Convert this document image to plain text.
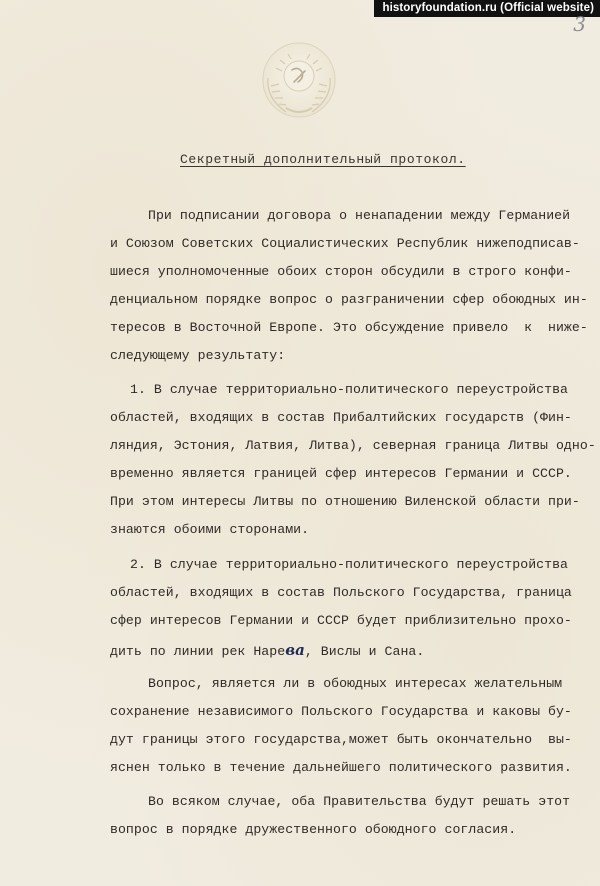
historyfoundation.ru (Official website)
3
Секретный дополнительный протокол.
При подписании договора о ненападении между Германией
и Союзом Советских Социалистических Республик нижеподписав-
шиеся уполномоченные обоих сторон обсудили в строго конфи-
денциальном порядке вопрос о разграничении сфер обоюдных ин-
тересов в Восточной Европе. Это обсуждение привело  к  ниже-
следующему результату:
1. В случае территориально-политического переустройства
областей, входящих в состав Прибалтийских государств (Фин-
ляндия, Эстония, Латвия, Литва), северная граница Литвы одно-
временно является границей сфер интересов Германии и СССР.
При этом интересы Литвы по отношению Виленской области при-
знаются обоими сторонами.
2. В случае территориально-политического переустройства
областей, входящих в состав Польского Государства, граница
сфер интересов Германии и СССР будет приблизительно прохо-
дить по линии рек Нарева, Вислы и Сана.
Вопрос, является ли в обоюдных интересах желательным
сохранение независимого Польского Государства и каковы бу-
дут границы этого государства,может быть окончательно  вы-
яснен только в течение дальнейшего политического развития.
Во всяком случае, оба Правительства будут решать этот
вопрос в порядке дружественного обоюдного согласия.
